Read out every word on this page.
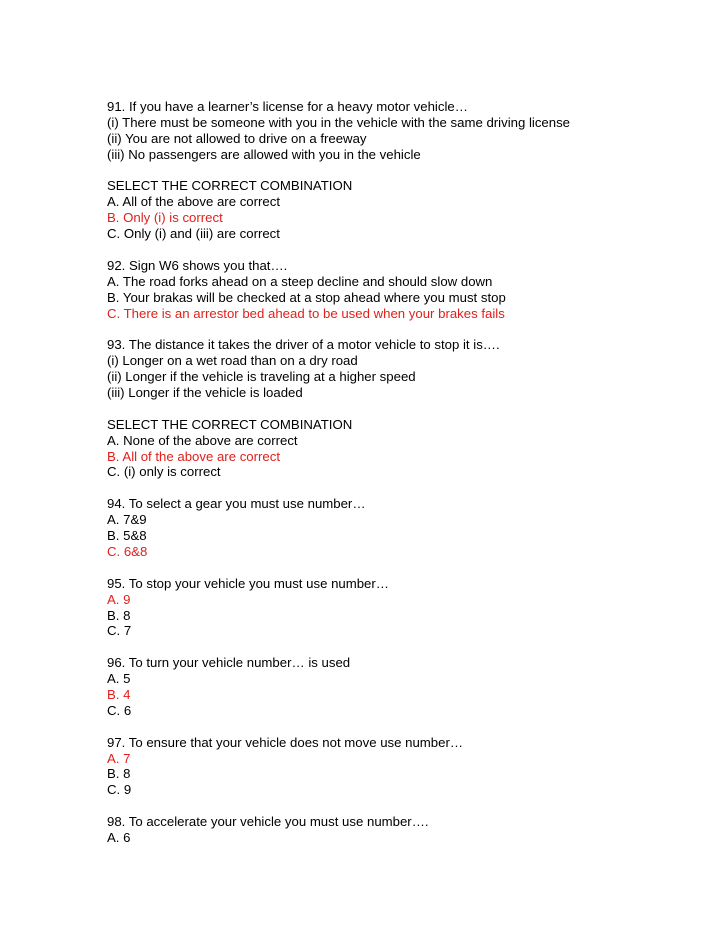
91. If you have a learner’s license for a heavy motor vehicle…
(i) There must be someone with you in the vehicle with the same driving license
(ii) You are not allowed to drive on a freeway
(iii) No passengers are allowed with you in the vehicle
SELECT THE CORRECT COMBINATION
A. All of the above are correct
B. Only (i) is correct
C. Only (i) and (iii) are correct
92. Sign W6 shows you that….
A. The road forks ahead on a steep decline and should slow down
B. Your brakas will be checked at a stop ahead where you must stop
C. There is an arrestor bed ahead to be used when your brakes fails
93. The distance it takes the driver of a motor vehicle to stop it is….
(i) Longer on a wet road than on a dry road
(ii) Longer if the vehicle is traveling at a higher speed
(iii) Longer if the vehicle is loaded
SELECT THE CORRECT COMBINATION
A. None of the above are correct
B. All of the above are correct
C. (i) only is correct
94. To select a gear you must use number…
A. 7&9
B. 5&8
C. 6&8
95. To stop your vehicle you must use number…
A. 9
B. 8
C. 7
96. To turn your vehicle number… is used
A. 5
B. 4
C. 6
97. To ensure that your vehicle does not move use number…
A. 7
B. 8
C. 9
98. To accelerate your vehicle you must use number….
A. 6
